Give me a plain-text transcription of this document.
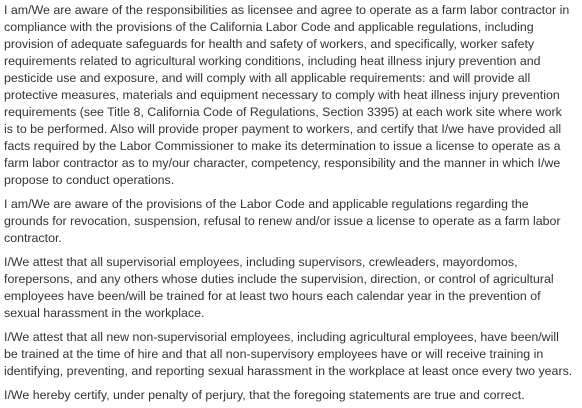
I am/We are aware of the responsibilities as licensee and agree to operate as a farm labor contractor in
compliance with the provisions of the California Labor Code and applicable regulations, including
provision of adequate safeguards for health and safety of workers, and specifically, worker safety
requirements related to agricultural working conditions, including heat illness injury prevention and
pesticide use and exposure, and will comply with all applicable requirements: and will provide all
protective measures, materials and equipment necessary to comply with heat illness injury prevention
requirements (see Title 8, California Code of Regulations, Section 3395) at each work site where work
is to be performed. Also will provide proper payment to workers, and certify that I/we have provided all
facts required by the Labor Commissioner to make its determination to issue a license to operate as a
farm labor contractor as to my/our character, competency, responsibility and the manner in which I/we
propose to conduct operations.
I am/We are aware of the provisions of the Labor Code and applicable regulations regarding the
grounds for revocation, suspension, refusal to renew and/or issue a license to operate as a farm labor
contractor.
I/We attest that all supervisorial employees, including supervisors, crewleaders, mayordomos,
forepersons, and any others whose duties include the supervision, direction, or control of agricultural
employees have been/will be trained for at least two hours each calendar year in the prevention of
sexual harassment in the workplace.
I/We attest that all new non-supervisorial employees, including agricultural employees, have been/will
be trained at the time of hire and that all non-supervisory employees have or will receive training in
identifying, preventing, and reporting sexual harassment in the workplace at least once every two years.
I/We hereby certify, under penalty of perjury, that the foregoing statements are true and correct.
